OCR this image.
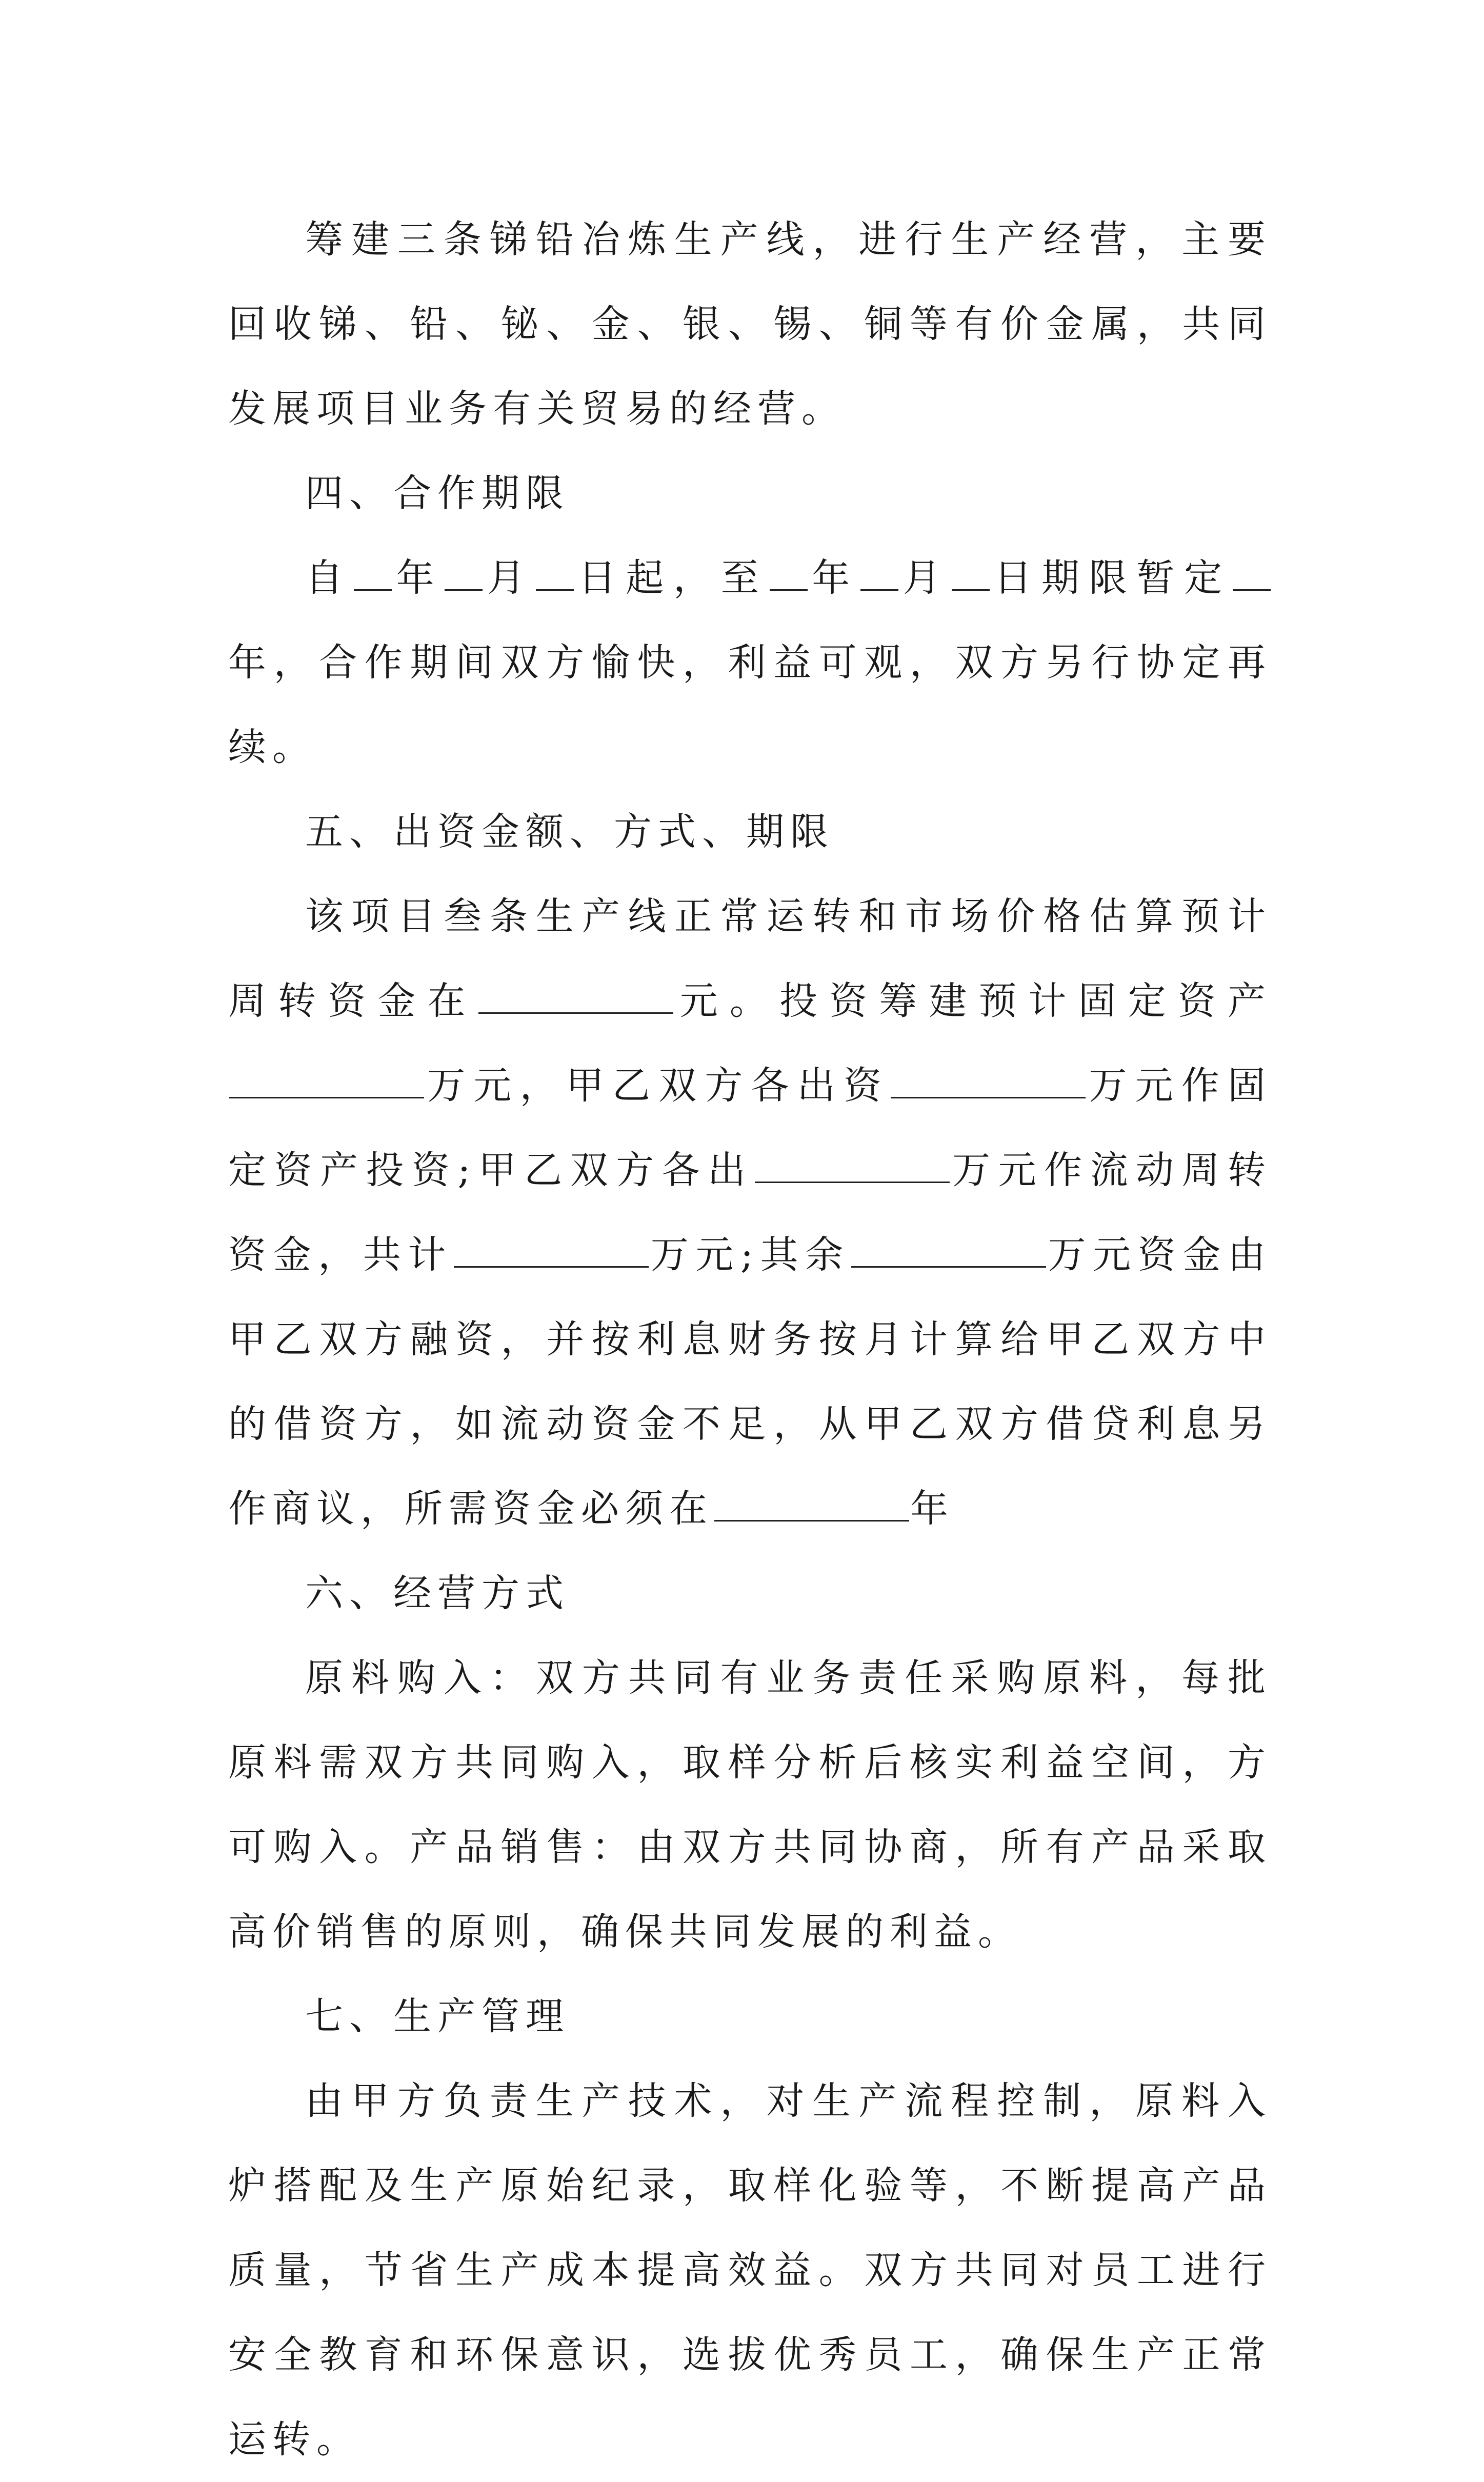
筹建三条锑铅冶炼生产线，进行生产经营，主要回收锑、铅、铋、金、银、锡、铜等有价金属，共同发展项目业务有关贸易的经营。

四、合作期限

自 年 月 日起，至 年 月 日期限暂定年，合作期间双方愉快，利益可观，双方另行协定再续。

五、出资金额、方式、期限

该项目叁条生产线正常运转和市场价格估算预计周转资金在	元。投资筹建预计固定资产万元，甲乙双方各出资	万元作固定资产投资;甲乙双方各出	万元作流动周转资金，共计	万元;其余	万元资金由甲乙双方融资，并按利息财务按月计算给甲乙双方中的借资方，如流动资金不足，从甲乙双方借贷利息另作商议，所需资金必须在	年

六、经营方式

原料购入：双方共同有业务责任采购原料，每批原料需双方共同购入，取样分析后核实利益空间，方可购入。产品销售：由双方共同协商，所有产品采取高价销售的原则，确保共同发展的利益。

七、生产管理

由甲方负责生产技术，对生产流程控制，原料入炉搭配及生产原始纪录，取样化验等，不断提高产品质量，节省生产成本提高效益。双方共同对员工进行安全教育和环保意识，选拔优秀员工，确保生产正常运转。
